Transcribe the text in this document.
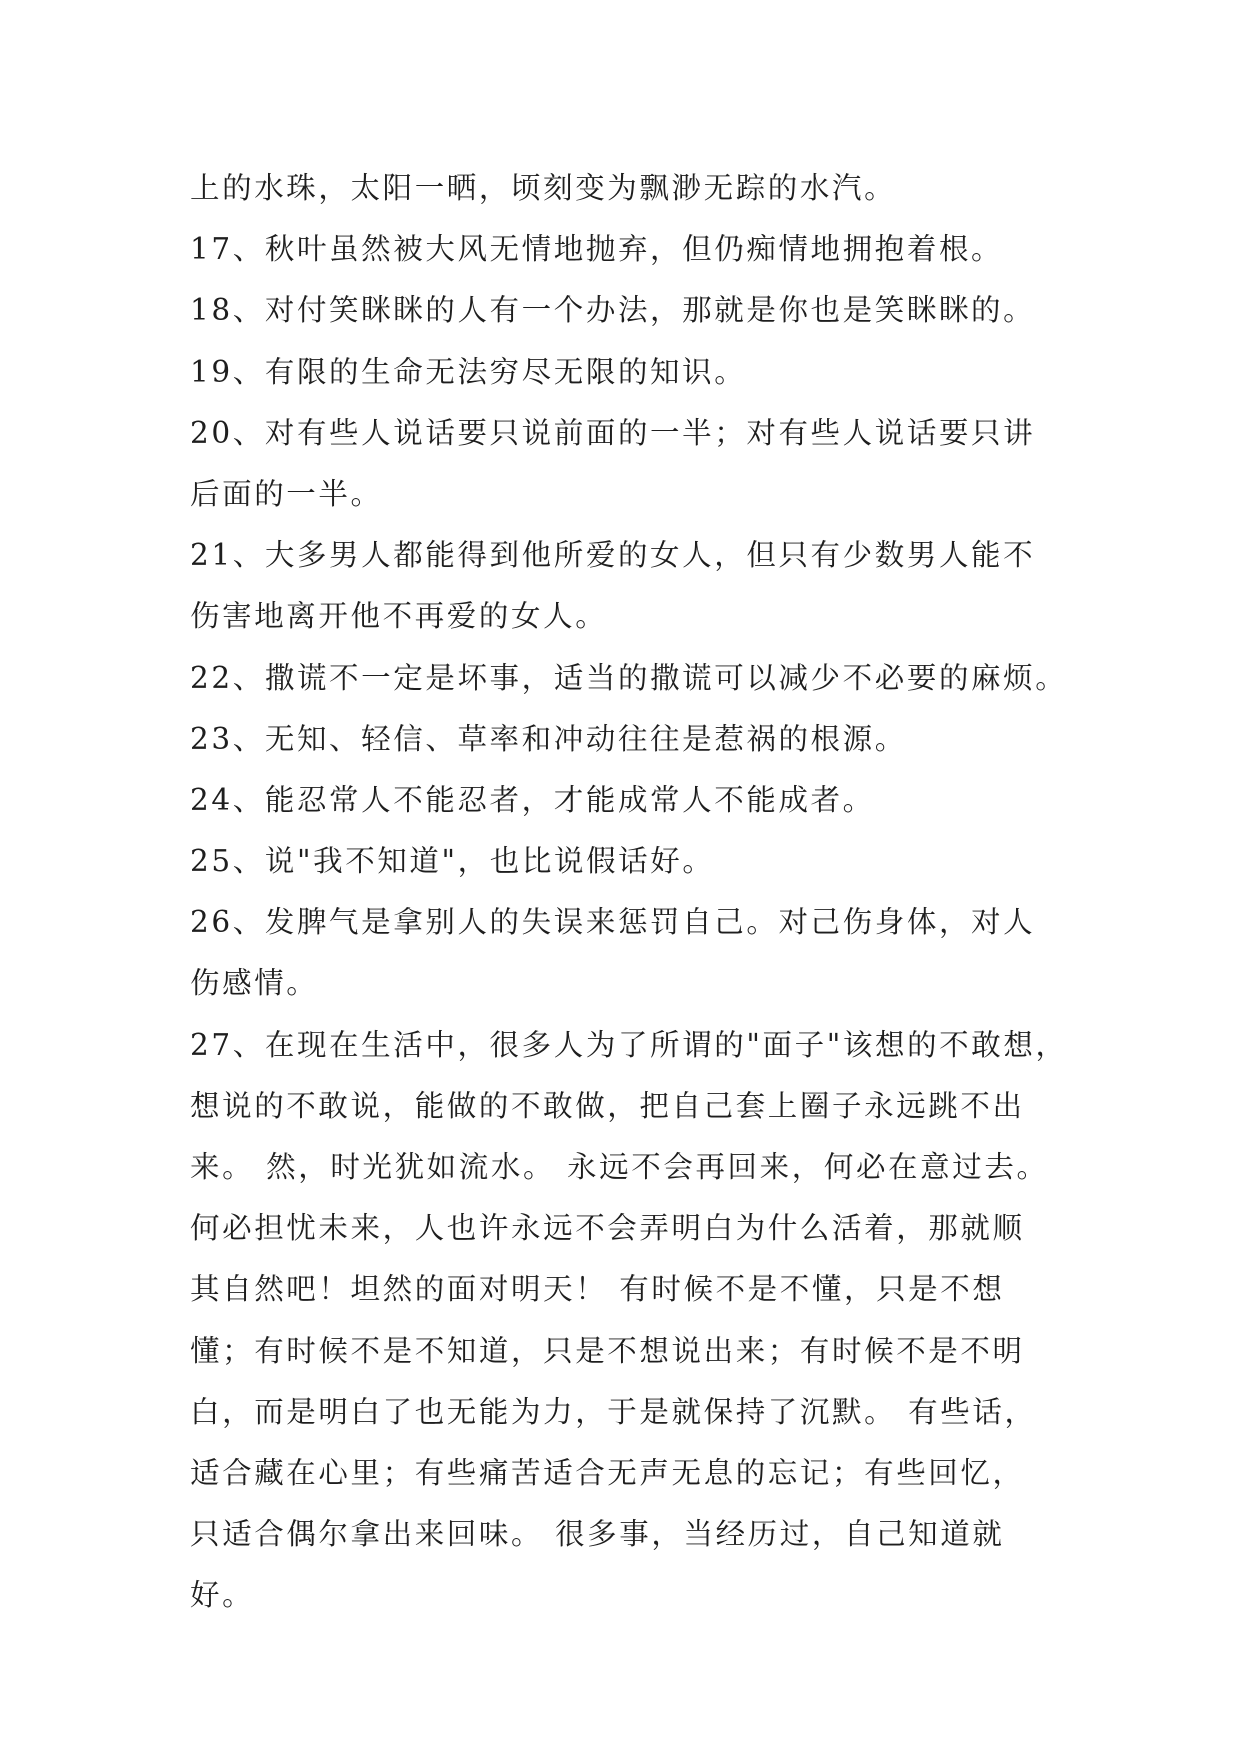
上的水珠，太阳一晒，顷刻变为飘渺无踪的水汽。
17、秋叶虽然被大风无情地抛弃，但仍痴情地拥抱着根。
18、对付笑眯眯的人有一个办法，那就是你也是笑眯眯的。
19、有限的生命无法穷尽无限的知识。
20、对有些人说话要只说前面的一半；对有些人说话要只讲
后面的一半。
21、大多男人都能得到他所爱的女人，但只有少数男人能不
伤害地离开他不再爱的女人。
22、撒谎不一定是坏事，适当的撒谎可以减少不必要的麻烦。
23、无知、轻信、草率和冲动往往是惹祸的根源。
24、能忍常人不能忍者，才能成常人不能成者。
25、说"我不知道"，也比说假话好。
26、发脾气是拿别人的失误来惩罚自己。对己伤身体，对人
伤感情。
27、在现在生活中，很多人为了所谓的"面子"该想的不敢想，
想说的不敢说，能做的不敢做，把自己套上圈子永远跳不出
来。 然，时光犹如流水。 永远不会再回来，何必在意过去。
何必担忧未来，人也许永远不会弄明白为什么活着，那就顺
其自然吧！坦然的面对明天！ 有时候不是不懂，只是不想
懂；有时候不是不知道，只是不想说出来；有时候不是不明
白，而是明白了也无能为力，于是就保持了沉默。 有些话，
适合藏在心里；有些痛苦适合无声无息的忘记；有些回忆，
只适合偶尔拿出来回味。 很多事，当经历过，自己知道就
好。
